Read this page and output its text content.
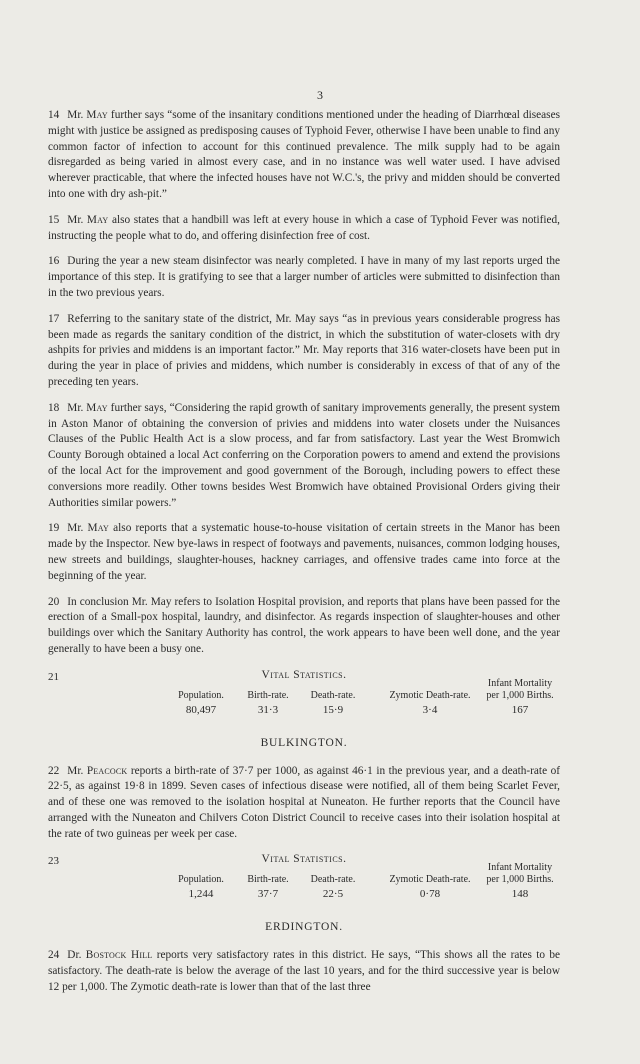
3

14 Mr. May further says “some of the insanitary conditions mentioned under the heading of Diarrhœal diseases might with justice be assigned as predisposing causes of Typhoid Fever, otherwise I have been unable to find any common factor of infection to account for this continued prevalence. The milk supply had to be again disregarded as being varied in almost every case, and in no instance was well water used. I have advised wherever practicable, that where the infected houses have not W.C.'s, the privy and midden should be converted into one with dry ash-pit.”

15 Mr. May also states that a handbill was left at every house in which a case of Typhoid Fever was notified, instructing the people what to do, and offering disinfection free of cost.

16 During the year a new steam disinfector was nearly completed. I have in many of my last reports urged the importance of this step. It is gratifying to see that a larger number of articles were submitted to disinfection than in the two previous years.

17 Referring to the sanitary state of the district, Mr. May says “as in previous years considerable progress has been made as regards the sanitary condition of the district, in which the substitution of water-closets with dry ashpits for privies and middens is an important factor.” Mr. May reports that 316 water-closets have been put in during the year in place of privies and middens, which number is considerably in excess of that of any of the preceding ten years.

18 Mr. May further says, “Considering the rapid growth of sanitary improvements generally, the present system in Aston Manor of obtaining the conversion of privies and middens into water closets under the Nuisances Clauses of the Public Health Act is a slow process, and far from satisfactory. Last year the West Bromwich County Borough obtained a local Act conferring on the Corporation powers to amend and extend the provisions of the local Act for the improvement and good government of the Borough, including powers to effect these conversions more readily. Other towns besides West Bromwich have obtained Provisional Orders giving their Authorities similar powers.”

19 Mr. May also reports that a systematic house-to-house visitation of certain streets in the Manor has been made by the Inspector. New bye-laws in respect of footways and pavements, nuisances, common lodging houses, new streets and buildings, slaughter-houses, hackney carriages, and offensive trades came into force at the beginning of the year.

20 In conclusion Mr. May refers to Isolation Hospital provision, and reports that plans have been passed for the erection of a Small-pox hospital, laundry, and disinfector. As regards inspection of slaughter-houses and other buildings over which the Sanitary Authority has control, the work appears to have been well done, and the year generally to have been a busy one.

21	Vital Statistics.
Population.	Birth-rate.	Death-rate.	Zymotic Death-rate.
Infant Mortality
per 1,000 Births.
80,497	31·3	15·9	3·4	167
BULKINGTON.

22 Mr. Peacock reports a birth-rate of 37·7 per 1000, as against 46·1 in the previous year, and a death-rate of 22·5, as against 19·8 in 1899. Seven cases of infectious disease were notified, all of them being Scarlet Fever, and of these one was removed to the isolation hospital at Nuneaton. He further reports that the Council have arranged with the Nuneaton and Chilvers Coton District Council to receive cases into their isolation hospital at the rate of two guineas per week per case.

23	Vital Statistics.
Population.	Birth-rate.	Death-rate.	Zymotic Death-rate.
Infant Mortality
per 1,000 Births.
1,244	37·7	22·5	0·78	148
ERDINGTON.

24 Dr. Bostock Hill reports very satisfactory rates in this district. He says, “This shows all the rates to be satisfactory. The death-rate is below the average of the last 10 years, and for the third successive year is below 12 per 1,000. The Zymotic death-rate is lower than that of the last three
